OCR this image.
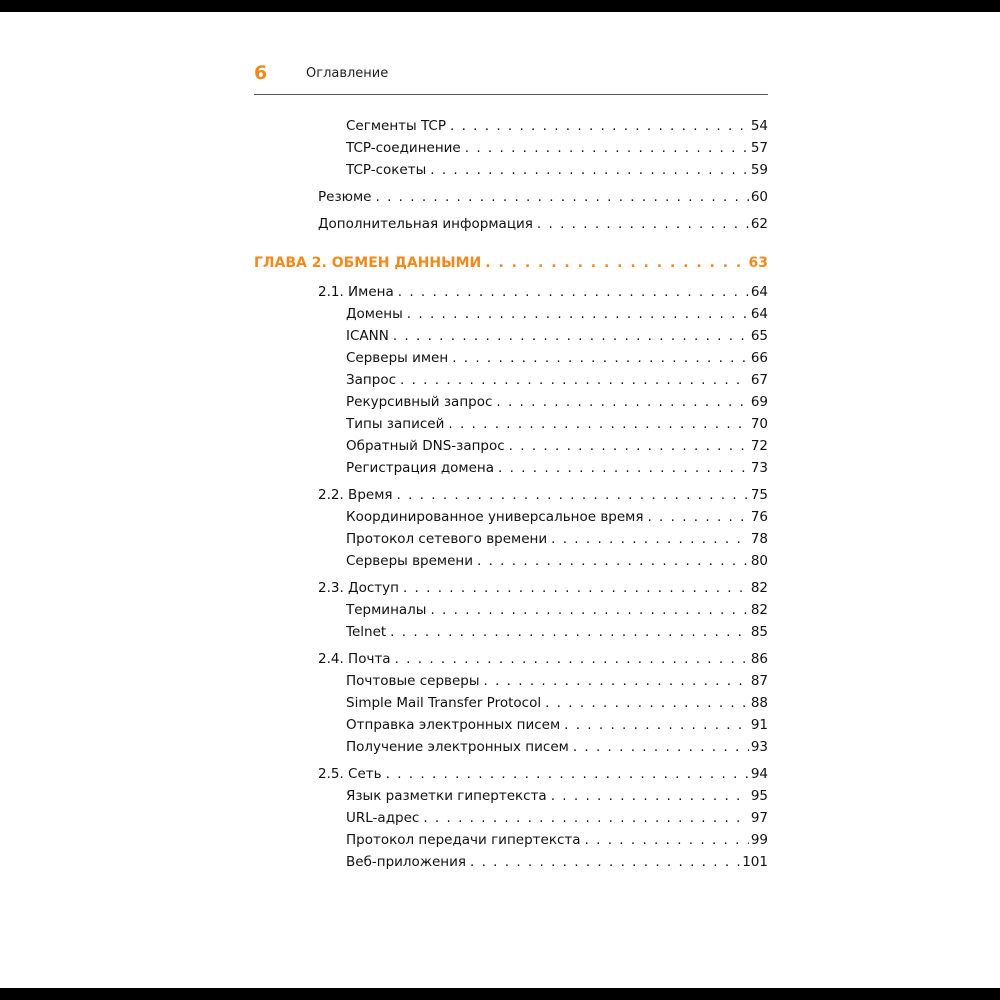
6	Оглавление
Сегменты TCP . . .	54
TCP-соединение . . .	57
TCP-сокеты . . .	59
Резюме . . .	60
Дополнительная информация . . .	62
ГЛАВА 2. ОБМЕН ДАННЫМИ . . .	63
2.1. Имена . . .	64
Домены . . .	64
ICANN . . .	65
Серверы имен . . .	66
Запрос . . .	67
Рекурсивный запрос . . .	69
Типы записей . . .	70
Обратный DNS-запрос . . .	72
Регистрация домена . . .	73
2.2. Время . . .	75
Координированное универсальное время . . .	76
Протокол сетевого времени . . .	78
Серверы времени . . .	80
2.3. Доступ . . .	82
Терминалы . . .	82
Telnet . . .	85
2.4. Почта . . .	86
Почтовые серверы . . .	87
Simple Mail Transfer Protocol . . .	88
Отправка электронных писем . . .	91
Получение электронных писем . . .	93
2.5. Сеть . . .	94
Язык разметки гипертекста . . .	95
URL-адрес . . .	97
Протокол передачи гипертекста . . .	99
Веб-приложения . . .	101
